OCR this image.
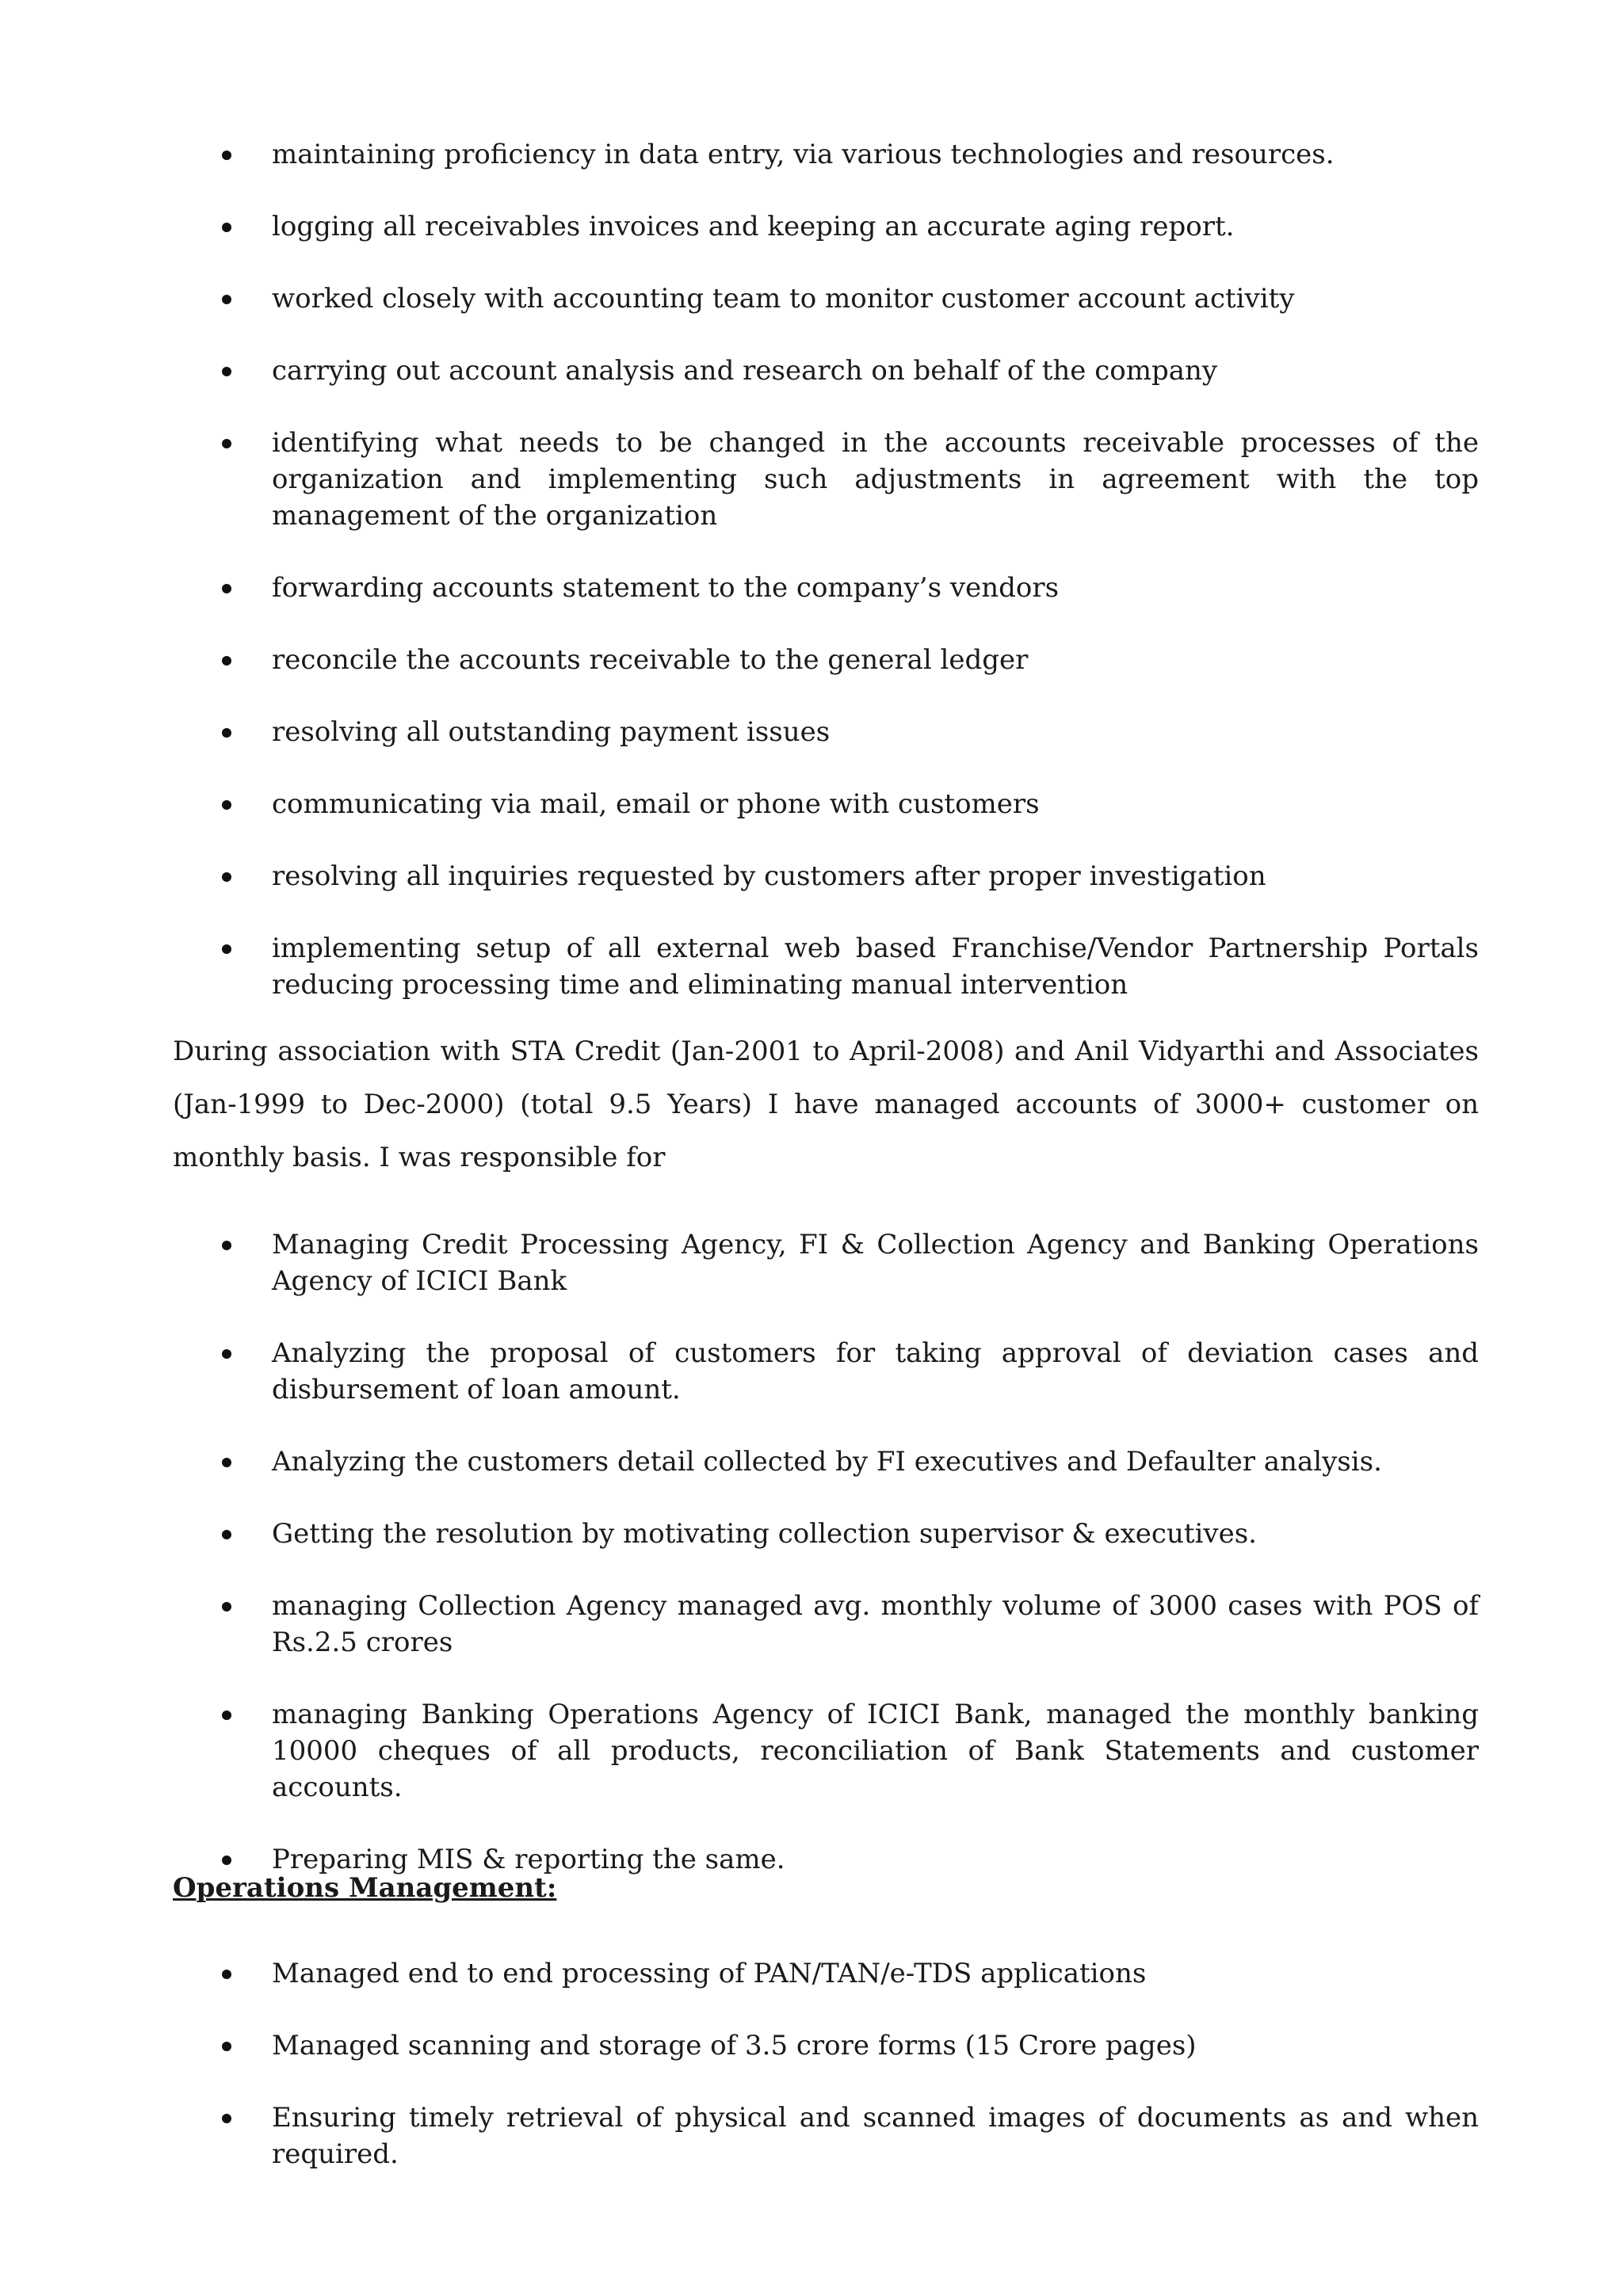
maintaining proficiency in data entry, via various technologies and resources.
logging all receivables invoices and keeping an accurate aging report.
worked closely with accounting team to monitor customer account activity
carrying out account analysis and research on behalf of the company
identifying what needs to be changed in the accounts receivable processes of the organization and implementing such adjustments in agreement with the top management of the organization
forwarding accounts statement to the company’s vendors
reconcile the accounts receivable to the general ledger
resolving all outstanding payment issues
communicating via mail, email or phone with customers
resolving all inquiries requested by customers after proper investigation
implementing setup of all external web based Franchise/Vendor Partnership Portals reducing processing time and eliminating manual intervention

During association with STA Credit (Jan-2001 to April-2008) and Anil Vidyarthi and Associates (Jan-1999 to Dec-2000) (total 9.5 Years) I have managed accounts of 3000+ customer on monthly basis. I was responsible for

Managing Credit Processing Agency, FI & Collection Agency and Banking Operations Agency of ICICI Bank
Analyzing the proposal of customers for taking approval of deviation cases and disbursement of loan amount.
Analyzing the customers detail collected by FI executives and Defaulter analysis.
Getting the resolution by motivating collection supervisor & executives.
managing Collection Agency managed avg. monthly volume of 3000 cases with POS of Rs.2.5 crores
managing Banking Operations Agency of ICICI Bank, managed the monthly banking 10000 cheques of all products, reconciliation of Bank Statements and customer accounts.
Preparing MIS & reporting the same.
Operations Management:
Managed end to end processing of PAN/TAN/e-TDS applications
Managed scanning and storage of 3.5 crore forms (15 Crore pages)
Ensuring timely retrieval of physical and scanned images of documents as and when required.
